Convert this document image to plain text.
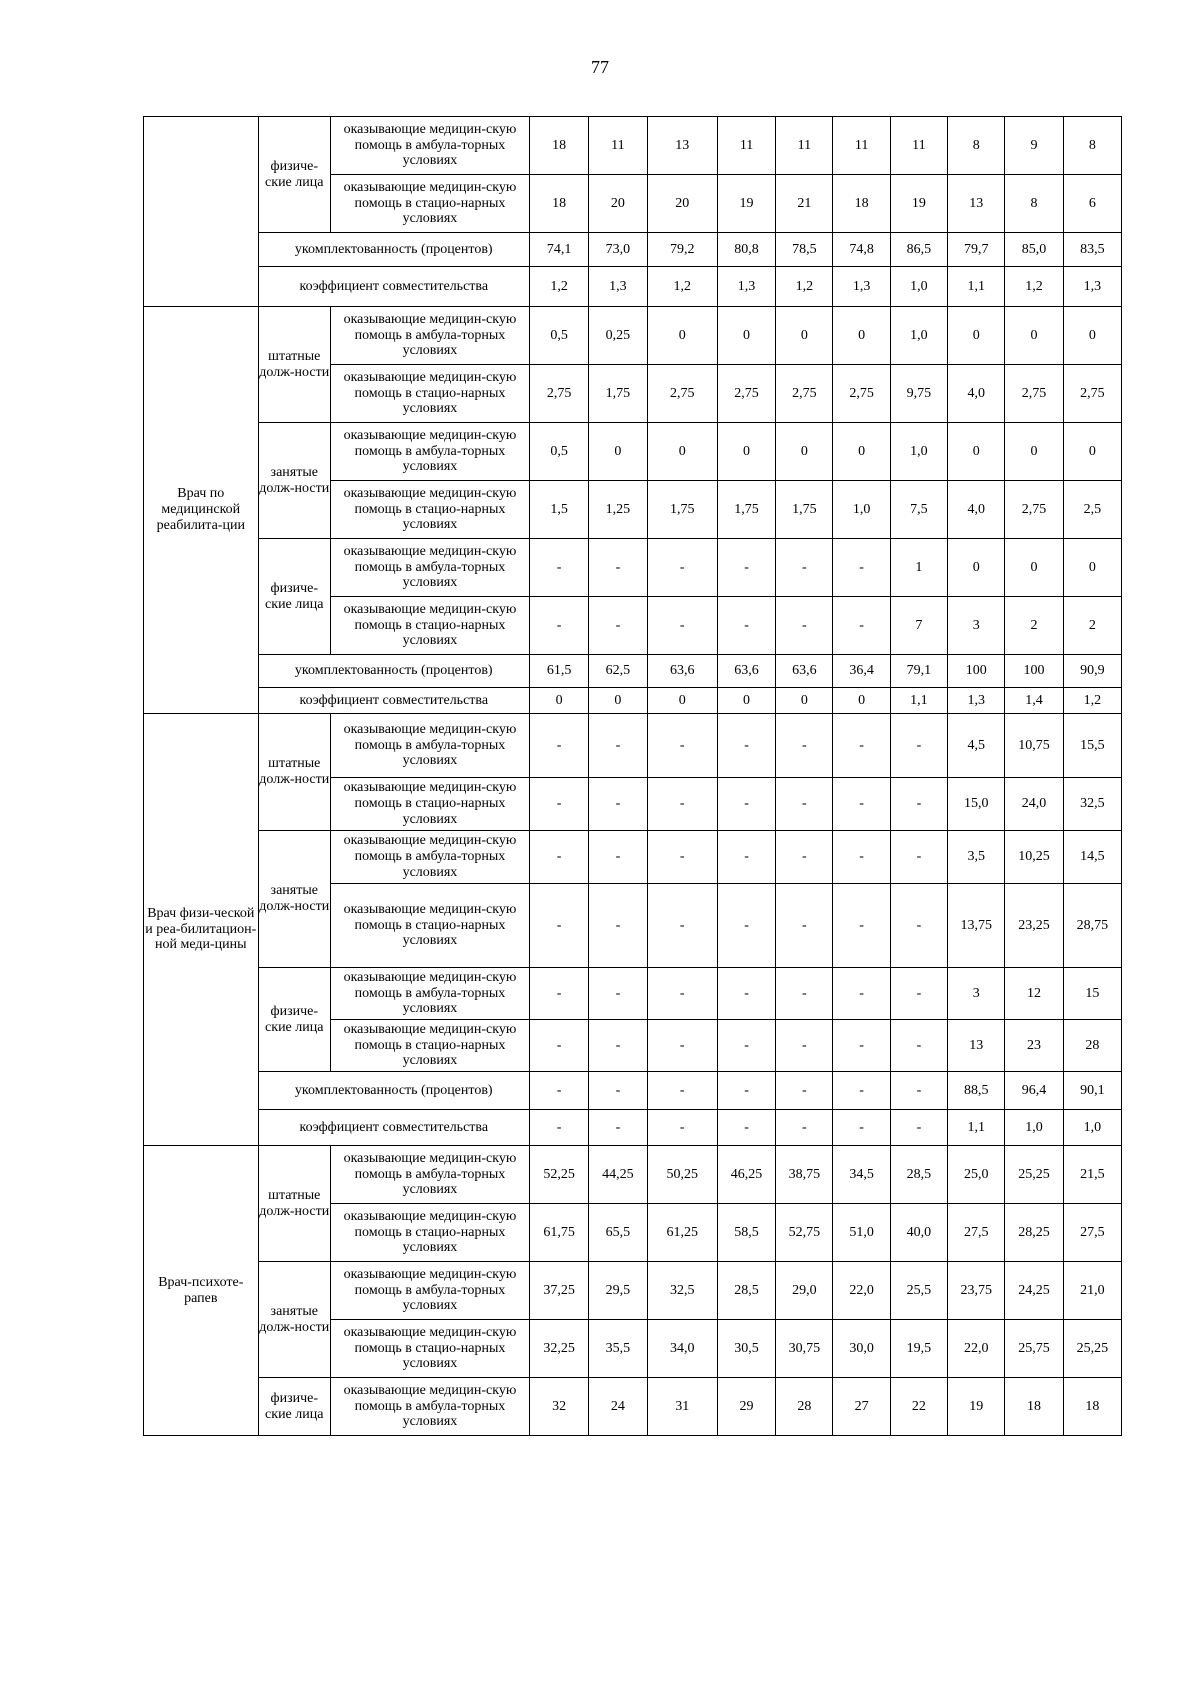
77
	физиче-ские лица	оказывающие медицин-скую помощь в амбула-торных условиях	18	11	13	11	11	11	11	8	9	8
		оказывающие медицин-скую помощь в стацио-нарных условиях	18	20	20	19	21	18	19	13	8	6
	укомплектованность (процентов)		74,1	73,0	79,2	80,8	78,5	74,8	86,5	79,7	85,0	83,5
	коэффициент совместительства		1,2	1,3	1,2	1,3	1,2	1,3	1,0	1,1	1,2	1,3
Врач по медицинской реабилита-ции	штатные долж-ности	оказывающие медицин-скую помощь в амбула-торных условиях	0,5	0,25	0	0	0	0	1,0	0	0	0
		оказывающие медицин-скую помощь в стацио-нарных условиях	2,75	1,75	2,75	2,75	2,75	2,75	9,75	4,0	2,75	2,75
	занятые долж-ности	оказывающие медицин-скую помощь в амбула-торных условиях	0,5	0	0	0	0	0	1,0	0	0	0
		оказывающие медицин-скую помощь в стацио-нарных условиях	1,5	1,25	1,75	1,75	1,75	1,0	7,5	4,0	2,75	2,5
	физиче-ские лица	оказывающие медицин-скую помощь в амбула-торных условиях	-	-	-	-	-	-	1	0	0	0
		оказывающие медицин-скую помощь в стацио-нарных условиях	-	-	-	-	-	-	7	3	2	2
	укомплектованность (процентов)		61,5	62,5	63,6	63,6	63,6	36,4	79,1	100	100	90,9
	коэффициент совместительства		0	0	0	0	0	0	1,1	1,3	1,4	1,2
Врач физи-ческой и реа-билитацион-ной меди-цины	штатные долж-ности	оказывающие медицин-скую помощь в амбула-торных условиях	-	-	-	-	-	-	-	4,5	10,75	15,5
		оказывающие медицин-скую помощь в стацио-нарных условиях	-	-	-	-	-	-	-	15,0	24,0	32,5
	занятые долж-ности	оказывающие медицин-скую помощь в амбула-торных условиях	-	-	-	-	-	-	-	3,5	10,25	14,5
		оказывающие медицин-скую помощь в стацио-нарных условиях	-	-	-	-	-	-	-	13,75	23,25	28,75
	физиче-ские лица	оказывающие медицин-скую помощь в амбула-торных условиях	-	-	-	-	-	-	-	3	12	15
		оказывающие медицин-скую помощь в стацио-нарных условиях	-	-	-	-	-	-	-	13	23	28
	укомплектованность (процентов)		-	-	-	-	-	-	-	88,5	96,4	90,1
	коэффициент совместительства		-	-	-	-	-	-	-	1,1	1,0	1,0
Врач-психоте-рапев	штатные долж-ности	оказывающие медицин-скую помощь в амбула-торных условиях	52,25	44,25	50,25	46,25	38,75	34,5	28,5	25,0	25,25	21,5
		оказывающие медицин-скую помощь в стацио-нарных условиях	61,75	65,5	61,25	58,5	52,75	51,0	40,0	27,5	28,25	27,5
	занятые долж-ности	оказывающие медицин-скую помощь в амбула-торных условиях	37,25	29,5	32,5	28,5	29,0	22,0	25,5	23,75	24,25	21,0
		оказывающие медицин-скую помощь в стацио-нарных условиях	32,25	35,5	34,0	30,5	30,75	30,0	19,5	22,0	25,75	25,25
	физиче-ские лица	оказывающие медицин-скую помощь в амбула-торных условиях	32	24	31	29	28	27	22	19	18	18
